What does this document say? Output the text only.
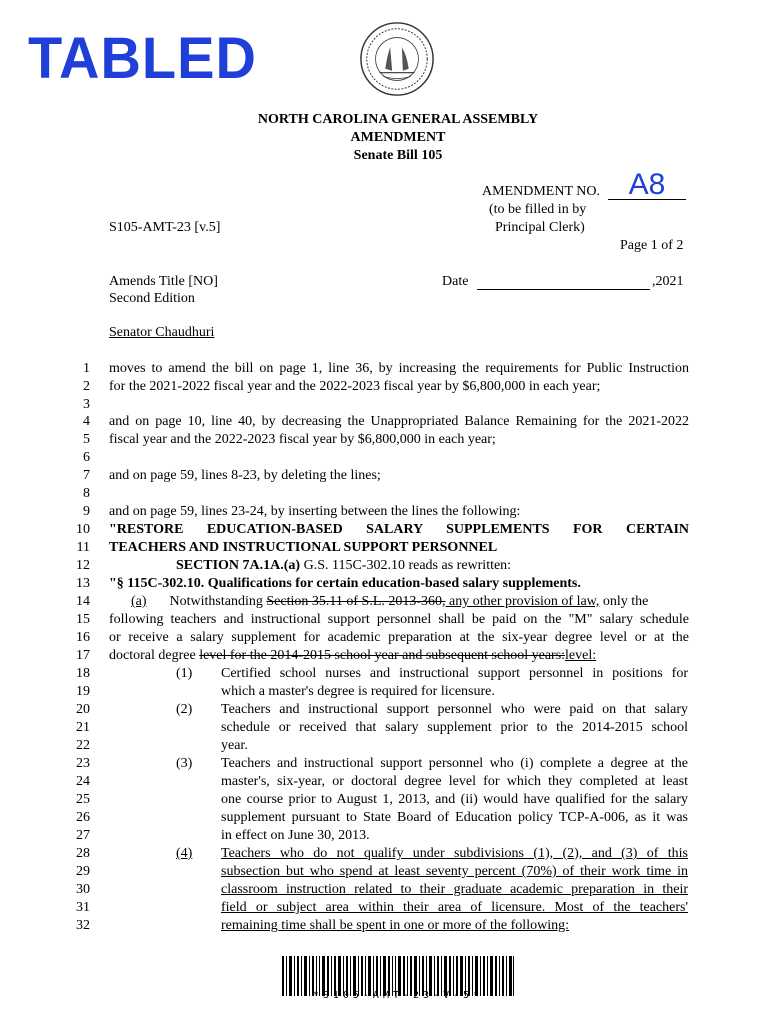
TABLED
NORTH CAROLINA GENERAL ASSEMBLY
AMENDMENT
Senate Bill 105
AMENDMENT NO. A8
(to be filled in by
Principal Clerk)
S105-AMT-23 [v.5]
Page 1 of 2
Amends Title [NO]
Second Edition
Date	,2021
Senator Chaudhuri
1
2
3
4
5
6
7
8
9
10
11
12
13
14
15
16
17
18
19
20
21
22
23
24
25
26
27
28
29
30
31
32
moves to amend the bill on page 1, line 36, by increasing the requirements for Public Instruction
for the 2021-2022 fiscal year and the 2022-2023 fiscal year by $6,800,000 in each year;
and on page 10, line 40, by decreasing the Unappropriated Balance Remaining for the 2021-2022
fiscal year and the 2022-2023 fiscal year by $6,800,000 in each year;
and on page 59, lines 8-23, by deleting the lines;
and on page 59, lines 23-24, by inserting between the lines the following:
"RESTORE EDUCATION-BASED SALARY SUPPLEMENTS FOR CERTAIN
TEACHERS AND INSTRUCTIONAL SUPPORT PERSONNEL
SECTION 7A.1A.(a) G.S. 115C-302.10 reads as rewritten:
"§ 115C-302.10. Qualifications for certain education-based salary supplements.
(a) Notwithstanding Section 35.11 of S.L. 2013-360, any other provision of law, only the
following teachers and instructional support personnel shall be paid on the "M" salary schedule
or receive a salary supplement for academic preparation at the six-year degree level or at the
doctoral degree level for the 2014-2015 school year and subsequent school years:level:
(1) Certified school nurses and instructional support personnel in positions for
which a master's degree is required for licensure.
(2) Teachers and instructional support personnel who were paid on that salary
schedule or received that salary supplement prior to the 2014-2015 school
year.
(3) Teachers and instructional support personnel who (i) complete a degree at the
master's, six-year, or doctoral degree level for which they completed at least
one course prior to August 1, 2013, and (ii) would have qualified for the salary
supplement pursuant to State Board of Education policy TCP-A-006, as it was
in effect on June 30, 2013.
(4) Teachers who do not qualify under subdivisions (1), (2), and (3) of this
subsection but who spend at least seventy percent (70%) of their work time in
classroom instruction related to their graduate academic preparation in their
field or subject area within their area of licensure. Most of the teachers'
remaining time shall be spent in one or more of the following:
*S105-AMT-23-V-5*
